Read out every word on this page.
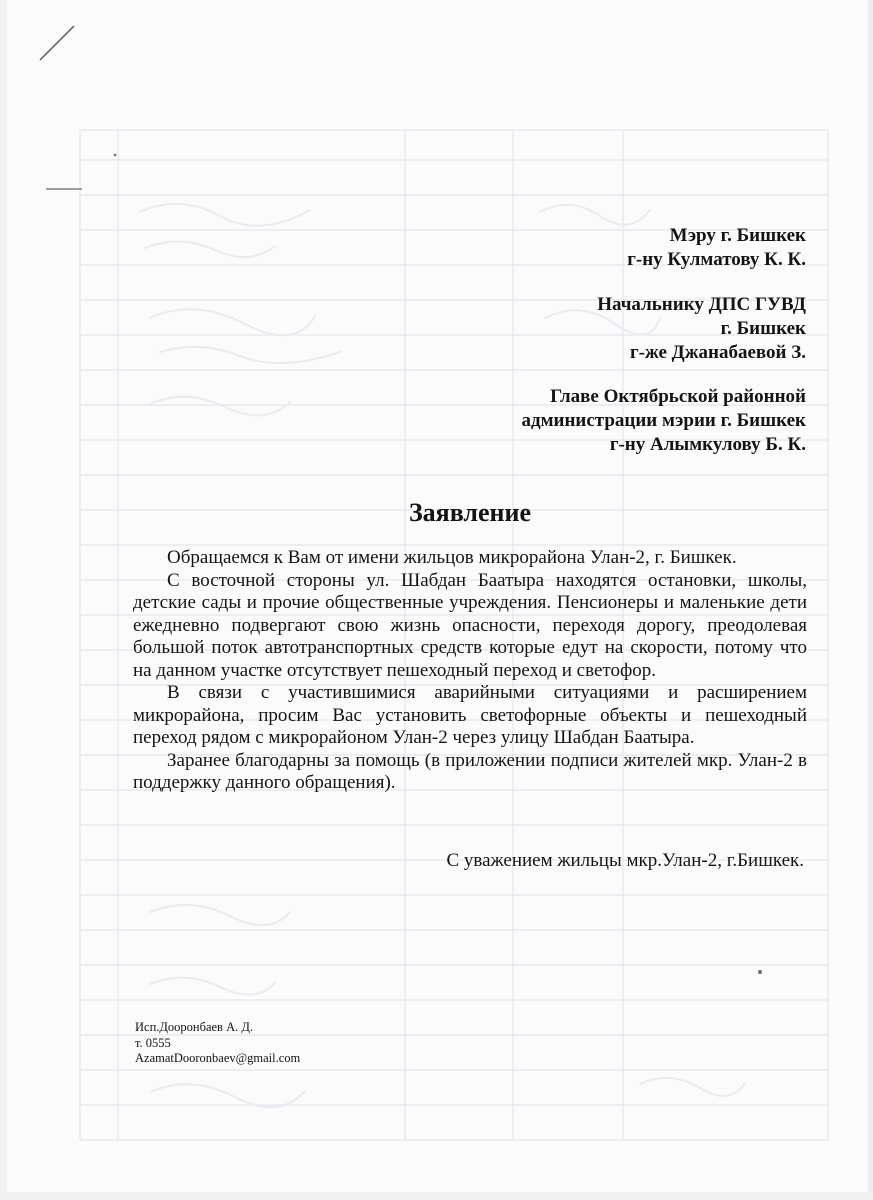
Мэру г. Бишкек
г-ну Кулматову К. К.
Начальнику ДПС ГУВД
г. Бишкек
г-же Джанабаевой З.
Главе Октябрьской районной
администрации мэрии г. Бишкек
г-ну Алымкулову Б. К.
Заявление

Обращаемся к Вам от имени жильцов микрорайона Улан-2, г. Бишкек.

С восточной стороны ул. Шабдан Баатыра находятся остановки, школы, детские сады и прочие общественные учреждения. Пенсионеры и маленькие дети ежедневно подвергают свою жизнь опасности, переходя дорогу, преодолевая большой поток автотранспортных средств которые едут на скорости, потому что на данном участке отсутствует пешеходный переход и светофор.

В связи с участившимися аварийными ситуациями и расширением микрорайона, просим Вас установить светофорные объекты и пешеходный переход рядом с микрорайоном Улан-2 через улицу Шабдан Баатыра.

Заранее благодарны за помощь (в приложении подписи жителей мкр. Улан-2 в поддержку данного обращения).

С уважением жильцы мкр.Улан-2, г.Бишкек.
Исп.Дооронбаев А. Д.
т. 0555
AzamatDooronbaev@gmail.com
